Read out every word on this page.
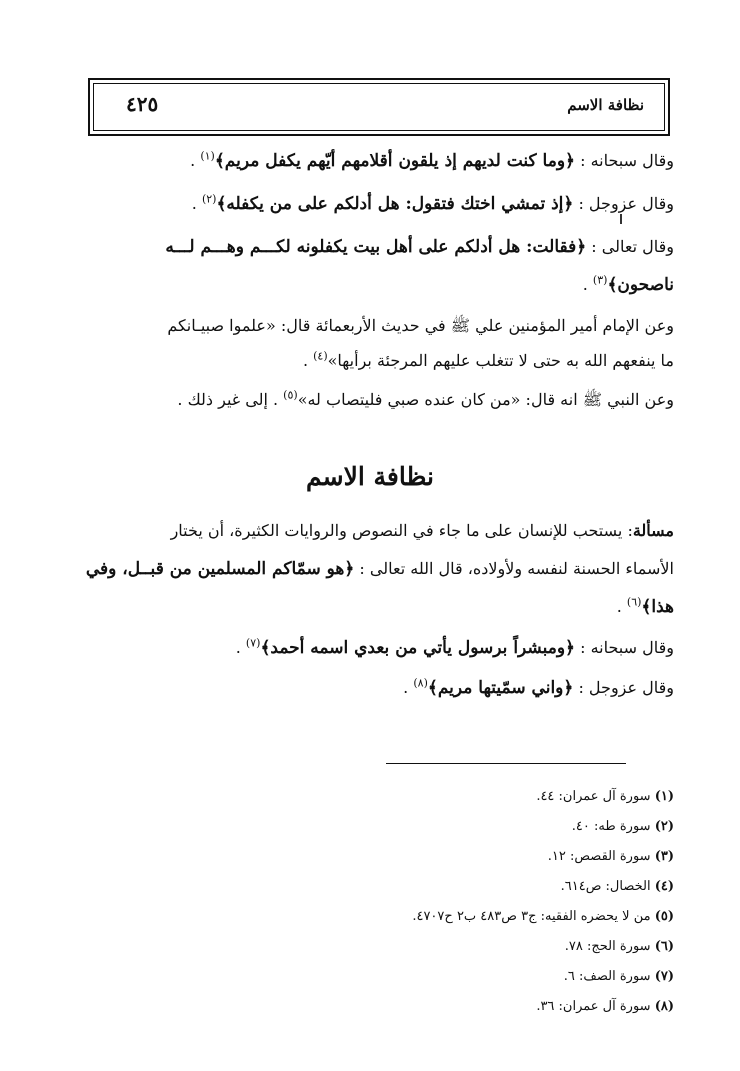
نظافة الاسم
٤٢٥
وقال سبحانه : ﴿وما كنت لديهم إذ يلقون أقلامهم أيّهم يكفل مريم﴾$^{(١)}$ .
وقال عزوجل : ﴿إذ تمشي اختك فتقول: هل أدلكم على من يكفله﴾$^{(٢)}$ .
وقال تعالى : ﴿فقالت: هل أدلكم على أهل بيت يكفلونه لكـــم وهـــم لـــه
ناصحون﴾$^{(٣)}$ .
وعن الإمام أمير المؤمنين علي ﷺ في حديث الأربعمائة قال: «علموا صبيـانكم
ما ينفعهم الله به حتى لا تتغلب عليهم المرجئة برأيها»$^{(٤)}$ .
وعن النبي ﷺ انه قال: «من كان عنده صبي فليتصاب له»$^{(٥)}$ . إلى غير ذلك .
نظافة الاسم
مسألة: يستحب للإنسان على ما جاء في النصوص والروايات الكثيرة، أن يختار
الأسماء الحسنة لنفسه ولأولاده، قال الله تعالى : ﴿هو سمّاكم المسلمين من قبــل، وفي
هذا﴾$^{(٦)}$ .
وقال سبحانه : ﴿ومبشراً برسول يأتي من بعدي اسمه أحمد﴾$^{(٧)}$ .
وقال عزوجل : ﴿واني سمّيتها مريم﴾$^{(٨)}$ .
(١) سورة آل عمران: ٤٤.
(٢) سورة طه: ٤٠.
(٣) سورة القصص: ١٢.
(٤) الخصال: ص٦١٤.
(٥) من لا يحضره الفقيه: ج٣ ص٤٨٣ ب٢ ح٤٧٠٧.
(٦) سورة الحج: ٧٨.
(٧) سورة الصف: ٦.
(٨) سورة آل عمران: ٣٦.
